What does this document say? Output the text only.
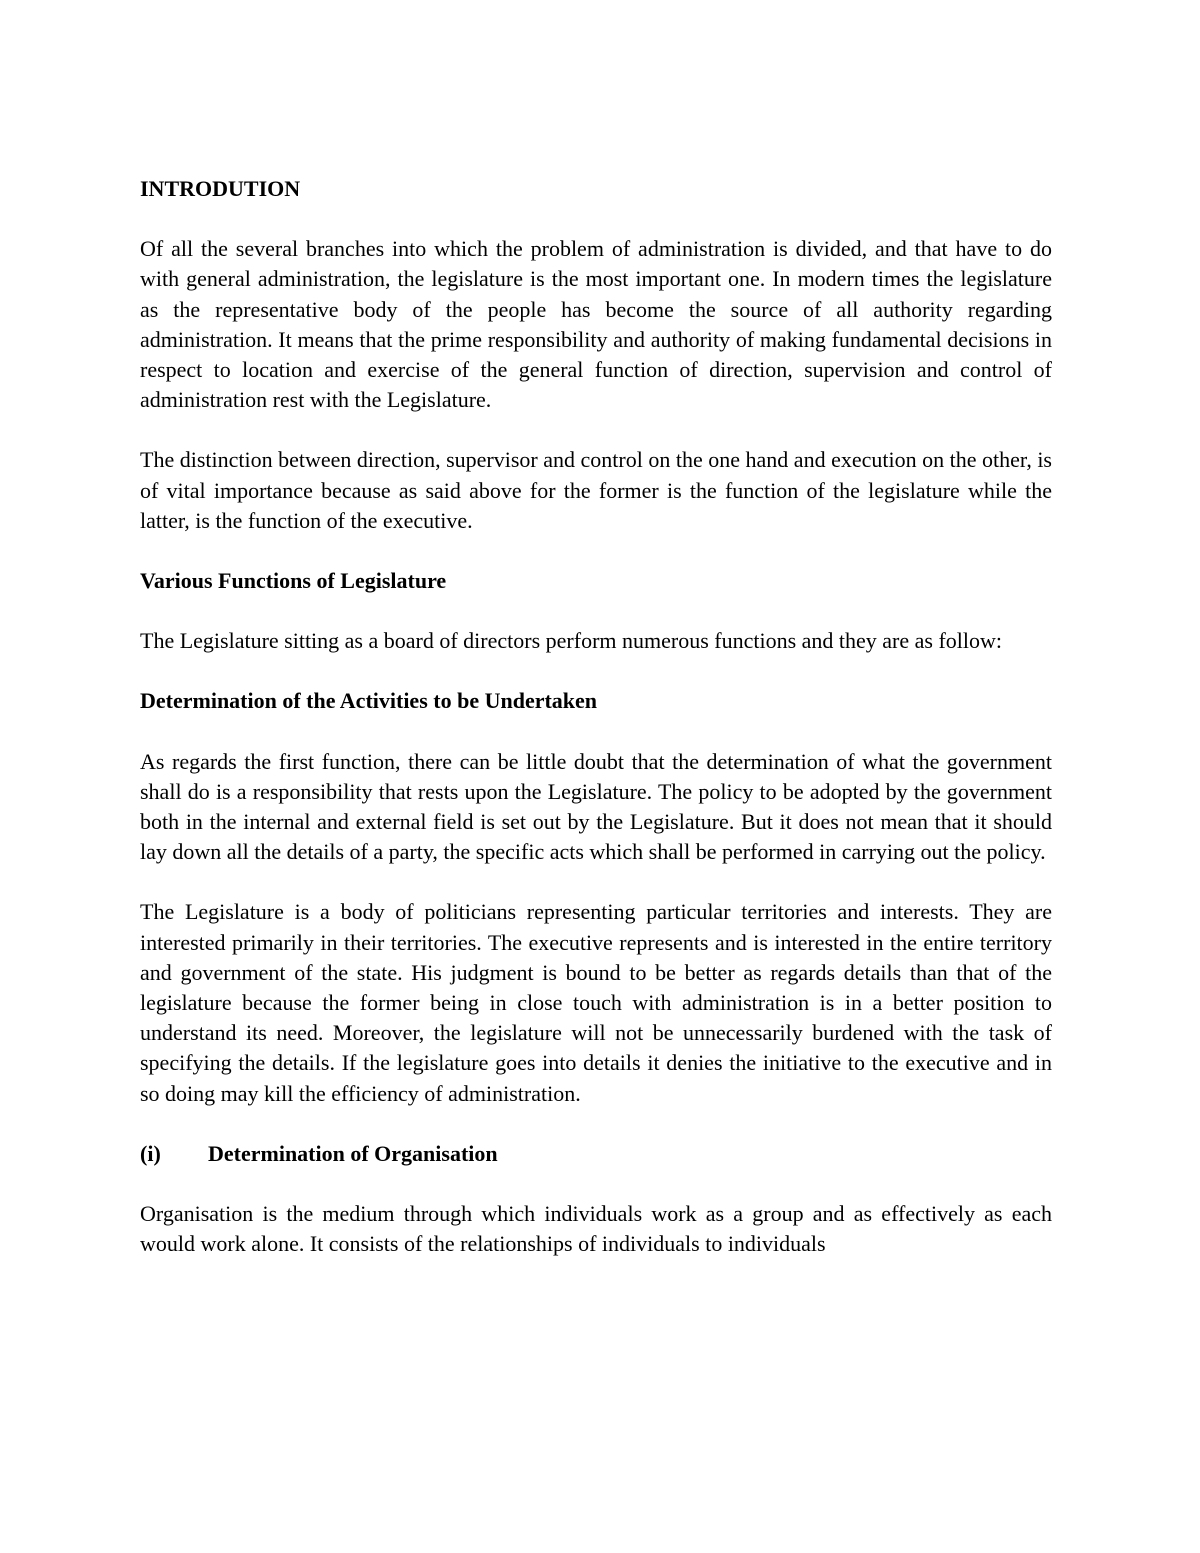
INTRODUTION

Of all the several branches into which the problem of administration is divided, and that have to do with general administration, the legislature is the most important one. In modern times the legislature as the representative body of the people has become the source of all authority regarding administration. It means that the prime responsibility and authority of making fundamental decisions in respect to location and exercise of the general function of direction, supervision and control of administration rest with the Legislature.

The distinction between direction, supervisor and control on the one hand and execution on the other, is of vital importance because as said above for the former is the function of the legislature while the latter, is the function of the executive.

Various Functions of Legislature

The Legislature sitting as a board of directors perform numerous functions and they are as follow:

Determination of the Activities to be Undertaken

As regards the first function, there can be little doubt that the determination of what the government shall do is a responsibility that rests upon the Legislature. The policy to be adopted by the government both in the internal and external field is set out by the Legislature. But it does not mean that it should lay down all the details of a party, the specific acts which shall be performed in carrying out the policy.

The Legislature is a body of politicians representing particular territories and interests. They are interested primarily in their territories. The executive represents and is interested in the entire territory and government of the state. His judgment is bound to be better as regards details than that of the legislature because the former being in close touch with administration is in a better position to understand its need. Moreover, the legislature will not be unnecessarily burdened with the task of specifying the details. If the legislature goes into details it denies the initiative to the executive and in so doing may kill the efficiency of administration.

(i)	Determination of Organisation

Organisation is the medium through which individuals work as a group and as effectively as each would work alone. It consists of the relationships of individuals to individuals
